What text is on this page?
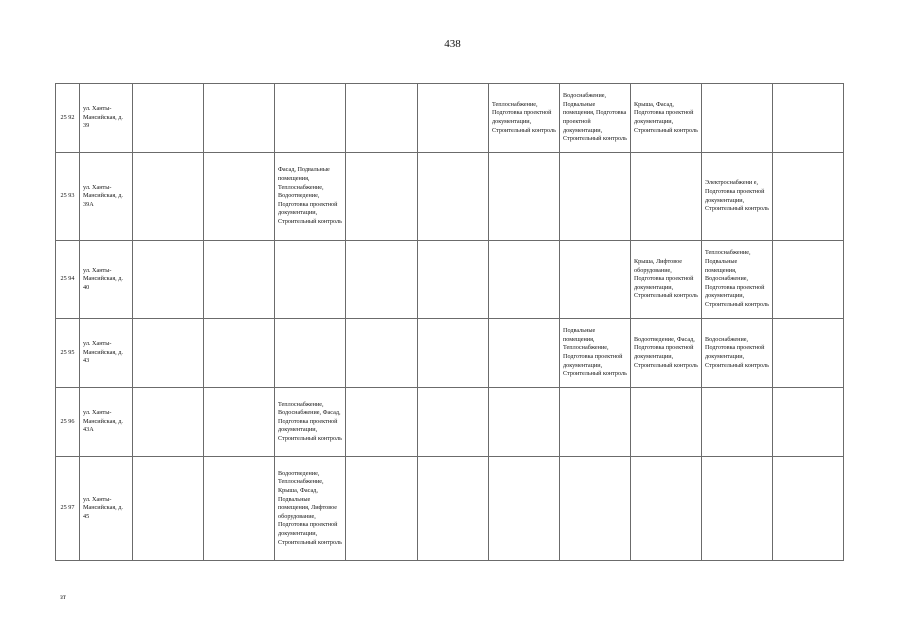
438
25 92	ул. Ханты-Мансийская, д. 39						Теплоснабжение, Подготовка проектной документации, Строительный контроль	Водоснабжение, Подвальные помещения, Подготовка проектной документации, Строительный контроль	Крыша, Фасад, Подготовка проектной документации, Строительный контроль		
25 93	ул. Ханты-Мансийская, д. 39А			Фасад, Подвальные помещения, Теплоснабжение, Водоотведение, Подготовка проектной документации, Строительный контроль						Электроснабжени е, Подготовка проектной документации, Строительный контроль	
25 94	ул. Ханты-Мансийская, д. 40								Крыша, Лифтовое оборудование, Подготовка проектной документации, Строительный контроль	Теплоснабжение, Подвальные помещения, Водоснабжение, Подготовка проектной документации, Строительный контроль	
25 95	ул. Ханты-Мансийская, д. 43							Подвальные помещения, Теплоснабжение, Подготовка проектной документации, Строительный контроль	Водоотведение, Фасад, Подготовка проектной документации, Строительный контроль	Водоснабжение, Подготовка проектной документации, Строительный контроль	
25 96	ул. Ханты-Мансийская, д. 43А			Теплоснабжение, Водоснабжение, Фасад, Подготовка проектной документации, Строительный контроль							
25 97	ул. Ханты-Мансийская, д. 45			Водоотведение, Теплоснабжение, Крыша, Фасад, Подвальные помещения, Лифтовое оборудование, Подготовка проектной документации, Строительный контроль							
зт
